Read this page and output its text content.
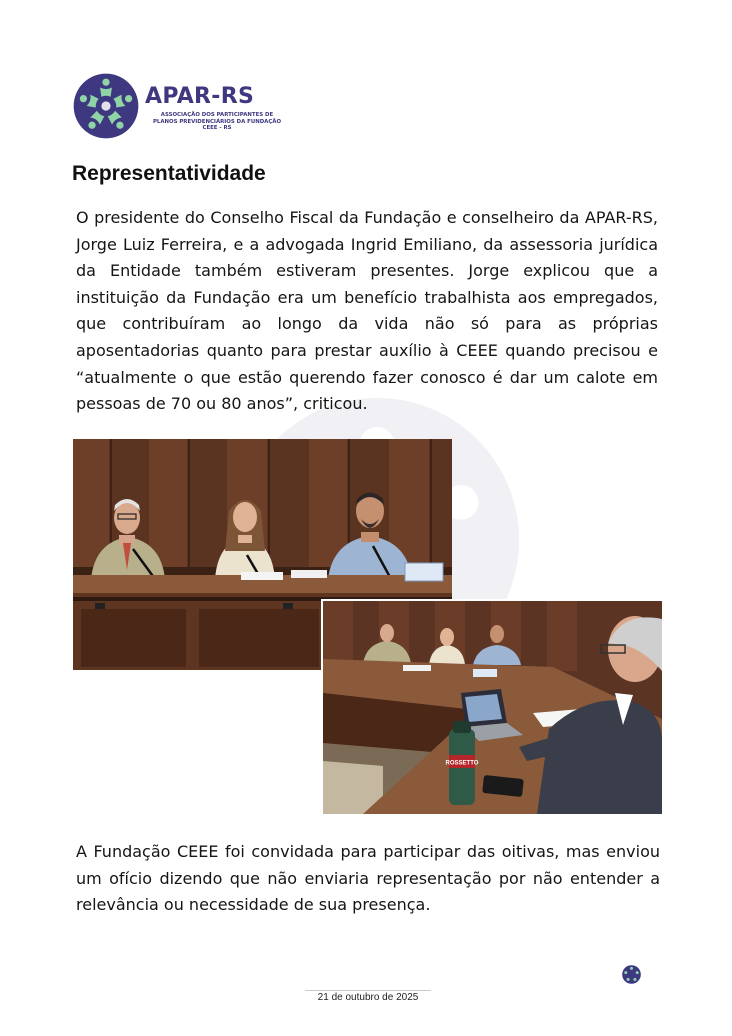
APAR-RS
ASSOCIAÇÃO DOS PARTICIPANTES DE PLANOS PREVIDENCIÁRIOS DA FUNDAÇÃO CEEE - RS
Representatividade

O presidente do Conselho Fiscal da Fundação e conselheiro da APAR-RS, Jorge Luiz Ferreira, e a advogada Ingrid Emiliano, da assessoria jurídica da Entidade também estiveram presentes. Jorge explicou que a instituição da Fundação era um benefício trabalhista aos empregados, que contribuíram ao longo da vida não só para as próprias aposentadorias quanto para prestar auxílio à CEEE quando precisou e “atualmente o que estão querendo fazer conosco é dar um calote em pessoas de 70 ou 80 anos”, criticou.

ROSSETTO

A Fundação CEEE foi convidada para participar das oitivas, mas enviou um ofício dizendo que não enviaria representação por não entender a relevância ou necessidade de sua presença.

21 de outubro de 2025
